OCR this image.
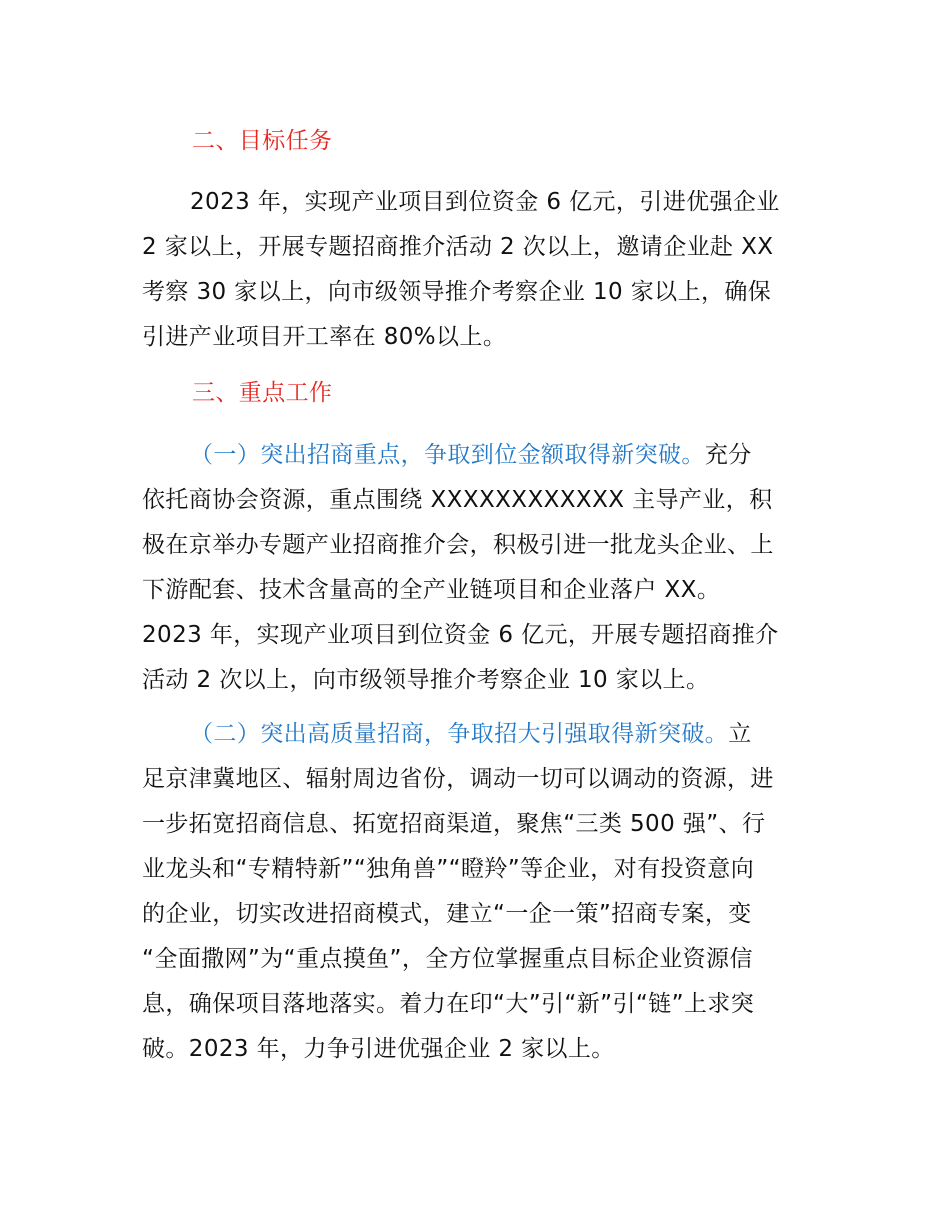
二、目标任务
2023 年，实现产业项目到位资金 6 亿元，引进优强企业
2 家以上，开展专题招商推介活动 2 次以上，邀请企业赴 XX
考察 30 家以上，向市级领导推介考察企业 10 家以上，确保
引进产业项目开工率在 80%以上。
三、重点工作
（一）突出招商重点，争取到位金额取得新突破。充分
依托商协会资源，重点围绕 XXXXXXXXXXXX 主导产业，积
极在京举办专题产业招商推介会，积极引进一批龙头企业、上
下游配套、技术含量高的全产业链项目和企业落户 XX。
2023 年，实现产业项目到位资金 6 亿元，开展专题招商推介
活动 2 次以上，向市级领导推介考察企业 10 家以上。
（二）突出高质量招商，争取招大引强取得新突破。立
足京津冀地区、辐射周边省份，调动一切可以调动的资源，进
一步拓宽招商信息、拓宽招商渠道，聚焦“三类 500 强”、行
业龙头和“专精特新”“独角兽”“瞪羚”等企业，对有投资意向
的企业，切实改进招商模式，建立“一企一策”招商专案，变
“全面撒网”为“重点摸鱼”，全方位掌握重点目标企业资源信
息，确保项目落地落实。着力在印“大”引“新”引“链”上求突
破。2023 年，力争引进优强企业 2 家以上。
